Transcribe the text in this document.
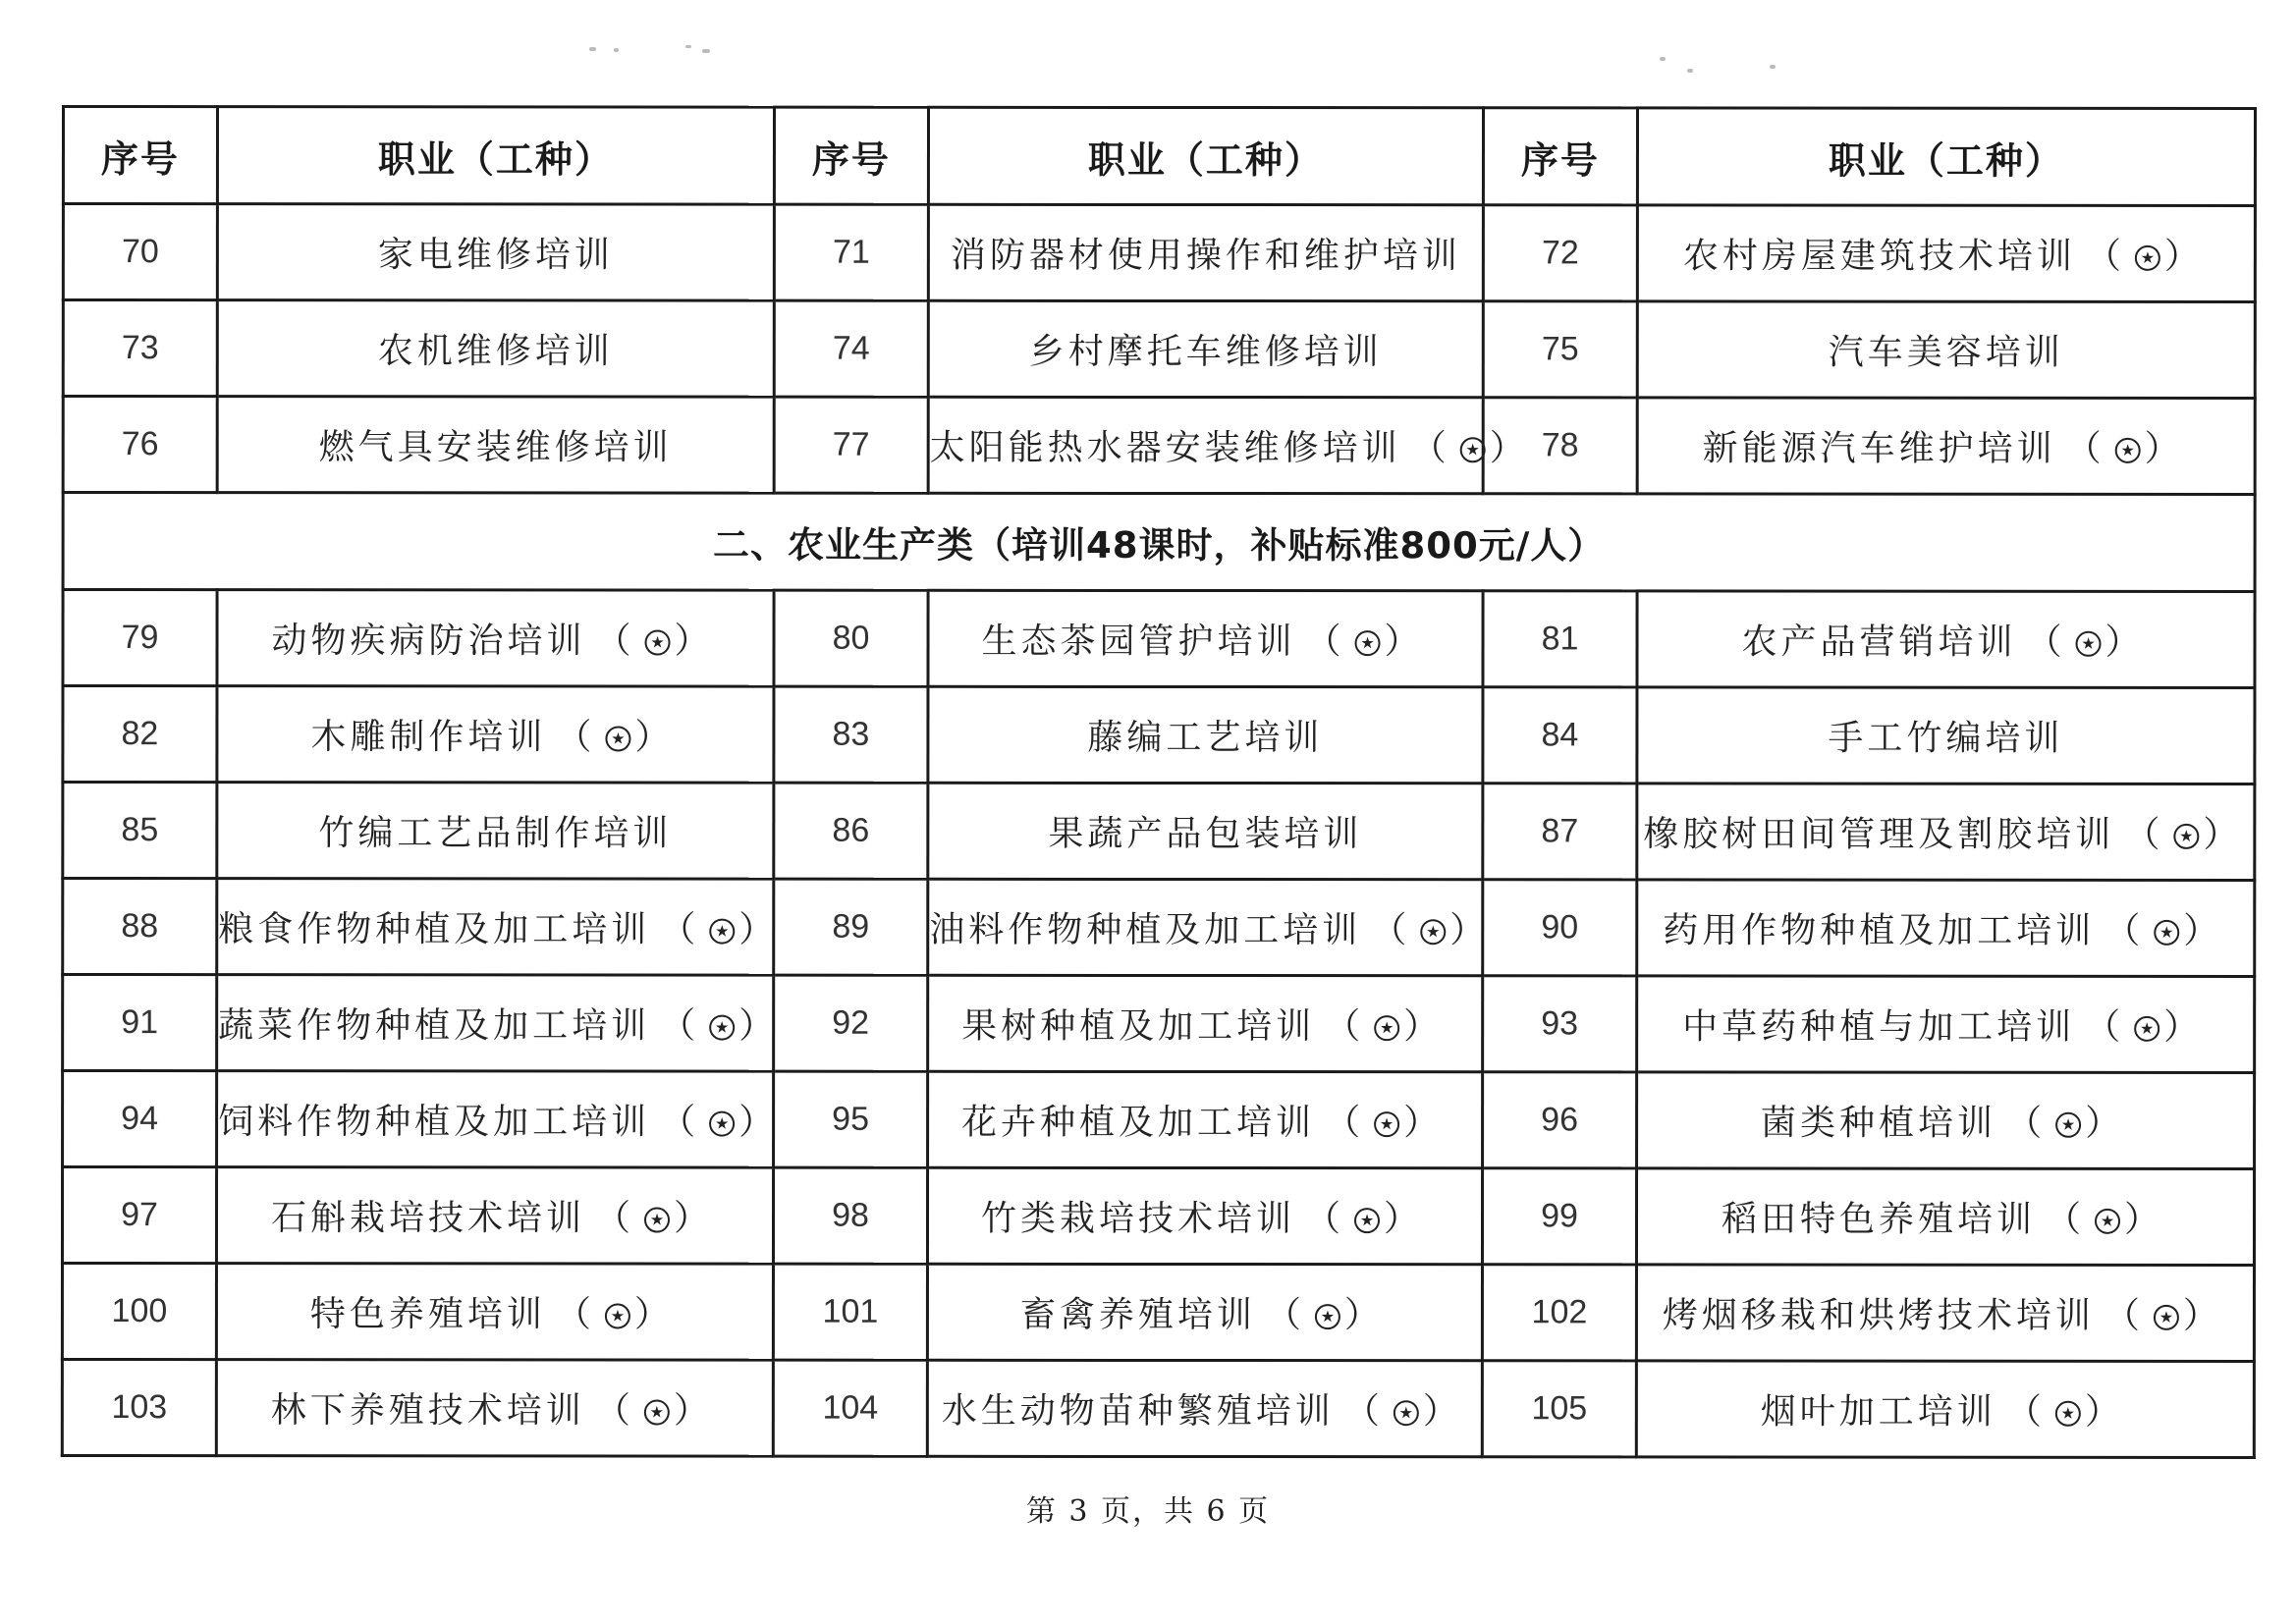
序号	职业（工种）	序号	职业（工种）	序号	职业（工种）
70	家电维修培训	71	消防器材使用操作和维护培训	72	农村房屋建筑技术培训 （ ★ ）
73	农机维修培训	74	乡村摩托车维修培训	75	汽车美容培训
76	燃气具安装维修培训	77	太阳能热水器安装维修培训 （ ★ ）	78	新能源汽车维护培训 （ ★ ）
二、农业生产类（培训48课时，补贴标准800元/人）					
79	动物疾病防治培训 （ ★ ）	80	生态茶园管护培训 （ ★ ）	81	农产品营销培训 （ ★ ）
82	木雕制作培训 （ ★ ）	83	藤编工艺培训	84	手工竹编培训
85	竹编工艺品制作培训	86	果蔬产品包装培训	87	橡胶树田间管理及割胶培训 （ ★ ）
88	粮食作物种植及加工培训 （ ★ ）	89	油料作物种植及加工培训 （ ★ ）	90	药用作物种植及加工培训 （ ★ ）
91	蔬菜作物种植及加工培训 （ ★ ）	92	果树种植及加工培训 （ ★ ）	93	中草药种植与加工培训 （ ★ ）
94	饲料作物种植及加工培训 （ ★ ）	95	花卉种植及加工培训 （ ★ ）	96	菌类种植培训 （ ★ ）
97	石斛栽培技术培训 （ ★ ）	98	竹类栽培技术培训 （ ★ ）	99	稻田特色养殖培训 （ ★ ）
100	特色养殖培训 （ ★ ）	101	畜禽养殖培训 （ ★ ）	102	烤烟移栽和烘烤技术培训 （ ★ ）
103	林下养殖技术培训 （ ★ ）	104	水生动物苗种繁殖培训 （ ★ ）	105	烟叶加工培训 （ ★ ）
第 3 页，共 6 页
